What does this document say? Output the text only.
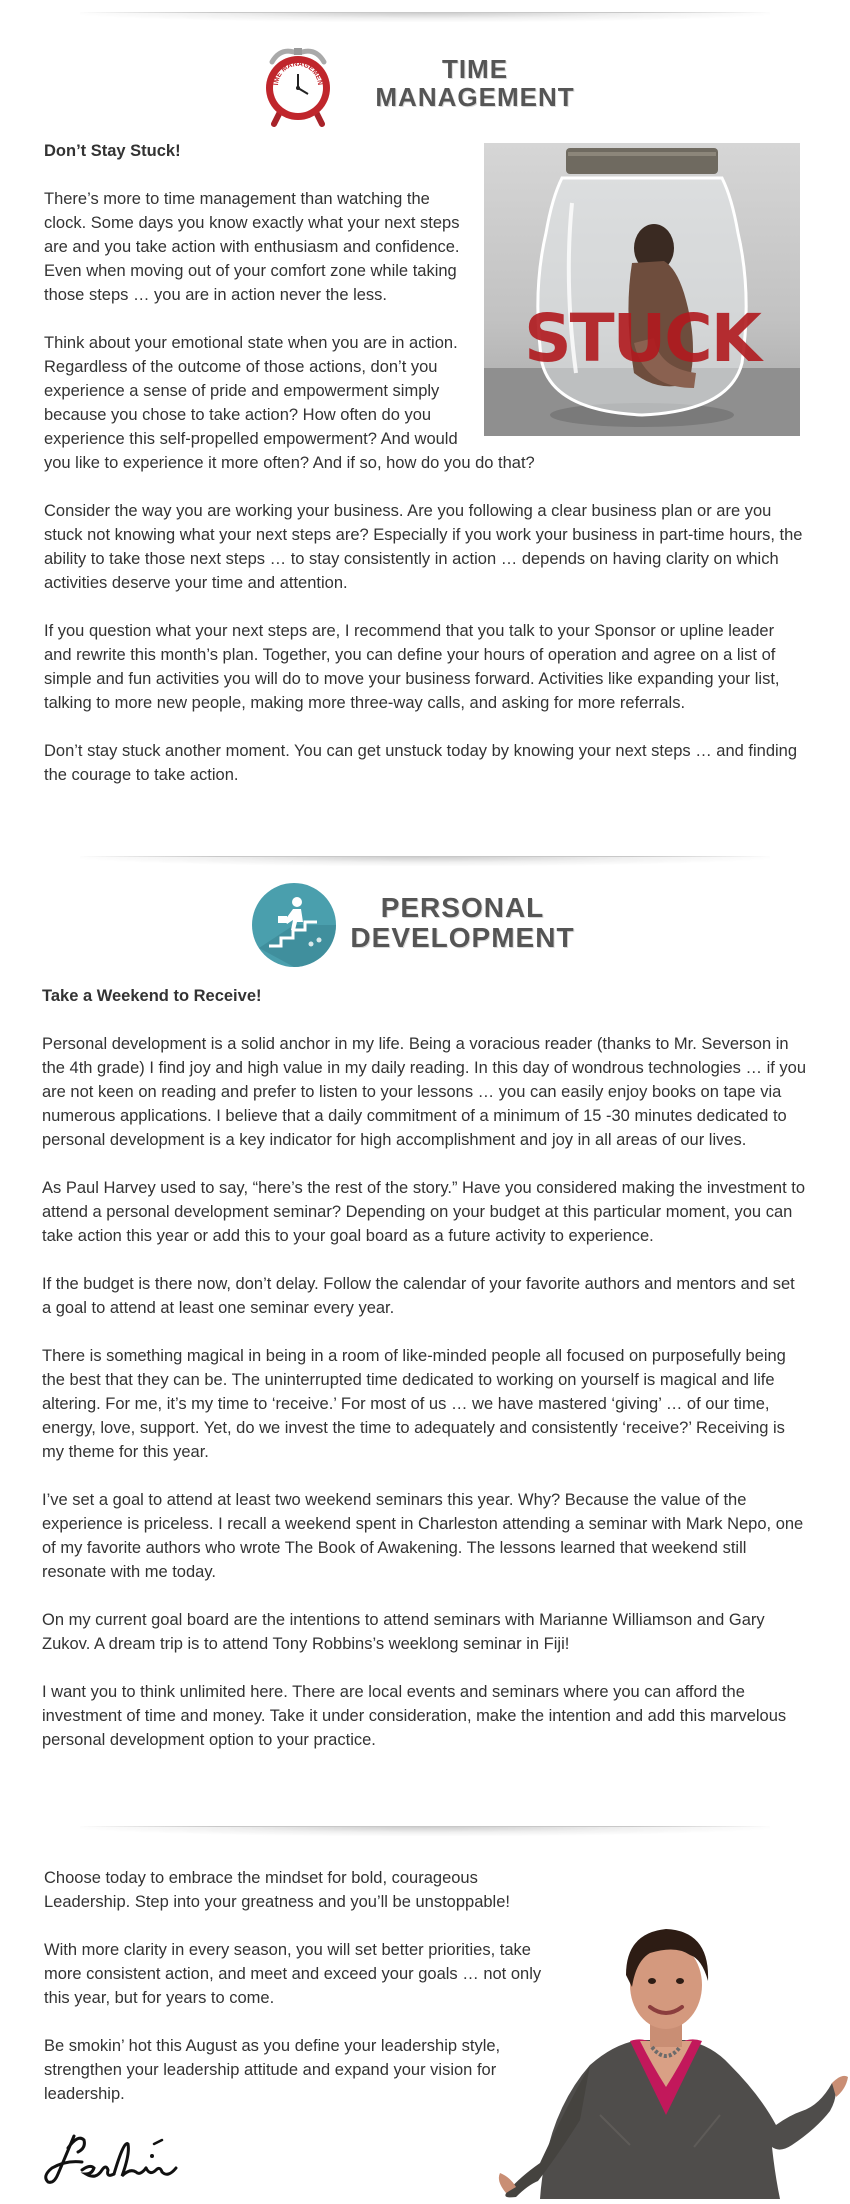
IME MANAGEMEN	TIME
MANAGEMENT
STUCK

Don’t Stay Stuck!

There’s more to time management than watching the clock. Some days you know exactly what your next steps are and you take action with enthusiasm and confidence. Even when moving out of your comfort zone while taking those steps … you are in action never the less.

Think about your emotional state when you are in action. Regardless of the outcome of those actions, don’t you experience a sense of pride and empowerment simply because you chose to take action? How often do you experience this self-propelled empowerment? And would you like to experience it more often? And if so, how do you do that?

Consider the way you are working your business. Are you following a clear business plan or are you stuck not knowing what your next steps are? Especially if you work your business in part-time hours, the ability to take those next steps … to stay consistently in action … depends on having clarity on which activities deserve your time and attention.

If you question what your next steps are, I recommend that you talk to your Sponsor or upline leader and rewrite this month’s plan. Together, you can define your hours of operation and agree on a list of simple and fun activities you will do to move your business forward. Activities like expanding your list, talking to more new people, making more three-way calls, and asking for more referrals.

Don’t stay stuck another moment. You can get unstuck today by knowing your next steps … and finding the courage to take action.

PERSONAL
DEVELOPMENT

Take a Weekend to Receive!

Personal development is a solid anchor in my life. Being a voracious reader (thanks to Mr. Severson in the 4th grade) I find joy and high value in my daily reading. In this day of wondrous technologies … if you are not keen on reading and prefer to listen to your lessons … you can easily enjoy books on tape via numerous applications. I believe that a daily commitment of a minimum of 15 -30 minutes dedicated to personal development is a key indicator for high accomplishment and joy in all areas of our lives.

As Paul Harvey used to say, “here’s the rest of the story.” Have you considered making the investment to attend a personal development seminar? Depending on your budget at this particular moment, you can take action this year or add this to your goal board as a future activity to experience.

If the budget is there now, don’t delay. Follow the calendar of your favorite authors and mentors and set a goal to attend at least one seminar every year.

There is something magical in being in a room of like-minded people all focused on purposefully being the best that they can be. The uninterrupted time dedicated to working on yourself is magical and life altering. For me, it’s my time to ‘receive.’ For most of us … we have mastered ‘giving’ … of our time, energy, love, support. Yet, do we invest the time to adequately and consistently ‘receive?’ Receiving is my theme for this year.

I’ve set a goal to attend at least two weekend seminars this year. Why? Because the value of the experience is priceless. I recall a weekend spent in Charleston attending a seminar with Mark Nepo, one of my favorite authors who wrote The Book of Awakening. The lessons learned that weekend still resonate with me today.

On my current goal board are the intentions to attend seminars with Marianne Williamson and Gary Zukov. A dream trip is to attend Tony Robbins’s weeklong seminar in Fiji!

I want you to think unlimited here. There are local events and seminars where you can afford the investment of time and money. Take it under consideration, make the intention and add this marvelous personal development option to your practice.

Choose today to embrace the mindset for bold, courageous Leadership. Step into your greatness and you’ll be unstoppable!

With more clarity in every season, you will set better priorities, take more consistent action, and meet and exceed your goals … not only this year, but for years to come.

Be smokin’ hot this August as you define your leadership style, strengthen your leadership attitude and expand your vision for leadership.
